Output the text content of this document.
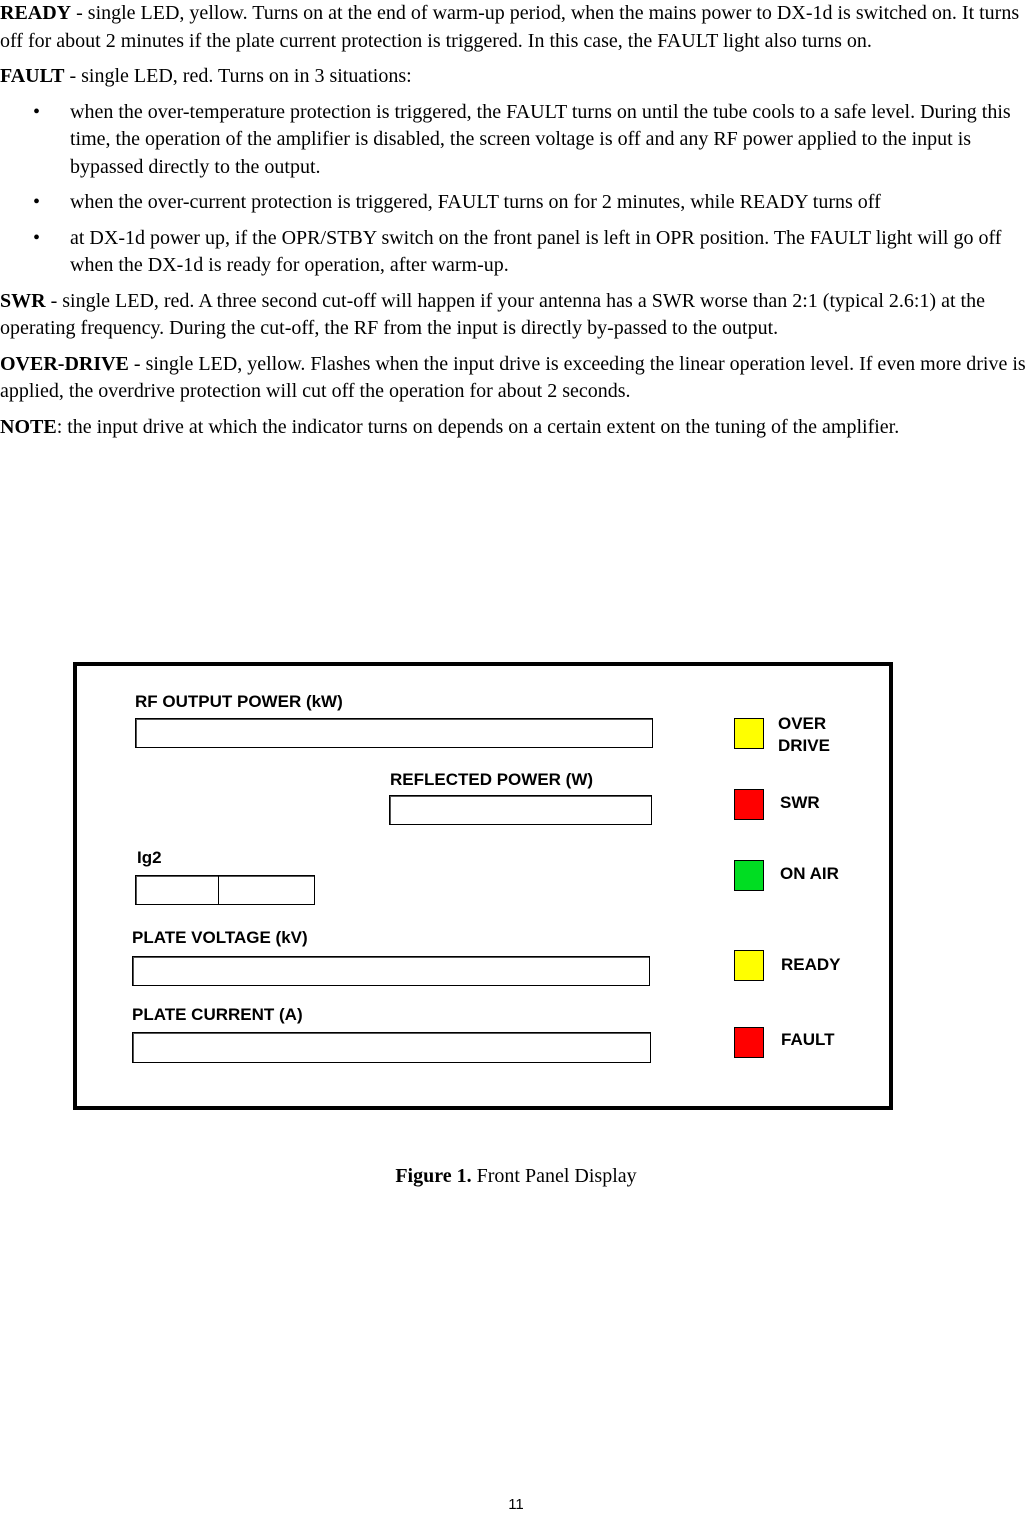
READY - single LED, yellow. Turns on at the end of warm-up period, when the mains power to DX-1d is switched on. It turns off for about 2 minutes if the plate current protection is triggered. In this case, the FAULT light also turns on.

FAULT - single LED, red. Turns on in 3 situations:

• when the over-temperature protection is triggered, the FAULT turns on until the tube cools to a safe level. During this time, the operation of the amplifier is disabled, the screen voltage is off and any RF power applied to the input is bypassed directly to the output.
• when the over-current protection is triggered, FAULT turns on for 2 minutes, while READY turns off
• at DX-1d power up, if the OPR/STBY switch on the front panel is left in OPR position. The FAULT light will go off when the DX-1d is ready for operation, after warm-up.

SWR - single LED, red. A three second cut-off will happen if your antenna has a SWR worse than 2:1 (typical 2.6:1) at the operating frequency. During the cut-off, the RF from the input is directly by-passed to the output.

OVER-DRIVE - single LED, yellow. Flashes when the input drive is exceeding the linear operation level. If even more drive is applied, the overdrive protection will cut off the operation for about 2 seconds.

NOTE: the input drive at which the indicator turns on depends on a certain extent on the tuning of the amplifier.

RF OUTPUT POWER (kW)
REFLECTED POWER (W)
Ig2
PLATE VOLTAGE (kV)
PLATE CURRENT (A)
OVER
DRIVE
SWR
ON AIR
READY
FAULT
Figure 1. Front Panel Display
11
